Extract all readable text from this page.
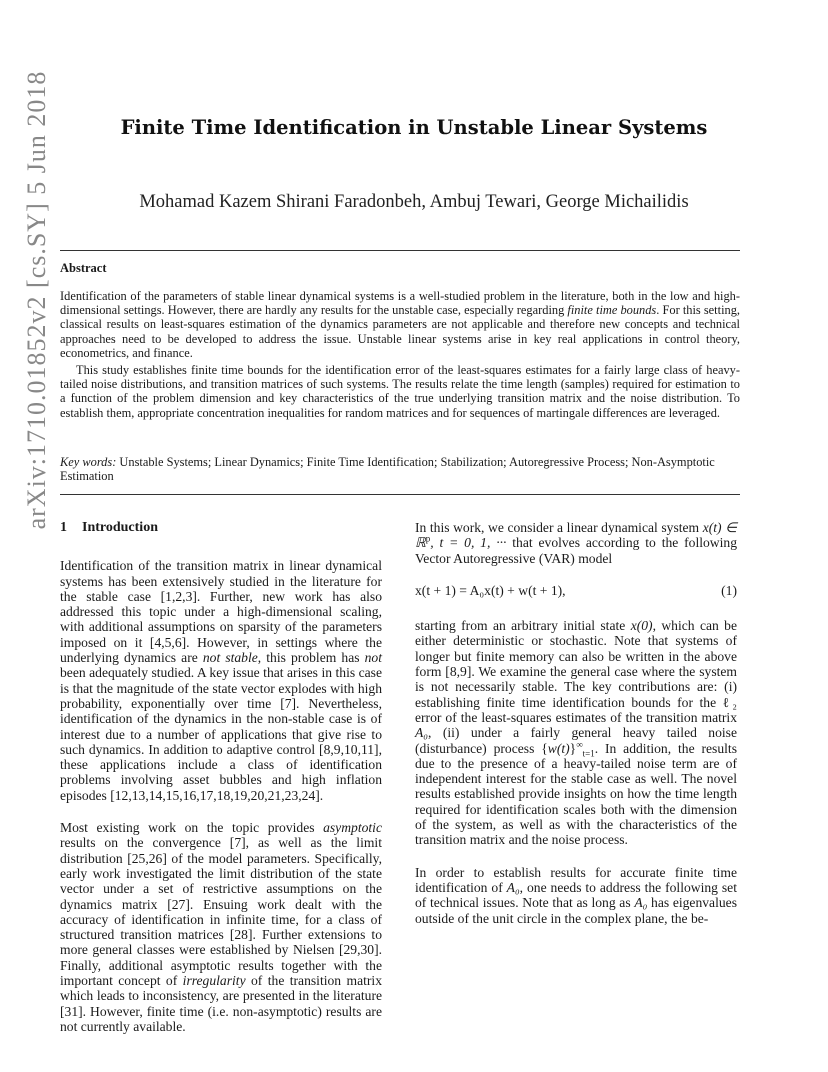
arXiv:1710.01852v2 [cs.SY] 5 Jun 2018	Finite Time Identification in Unstable Linear Systems
Mohamad Kazem Shirani Faradonbeh, Ambuj Tewari, George Michailidis
Abstract

Identification of the parameters of stable linear dynamical systems is a well-studied problem in the literature, both in the low and high-dimensional settings. However, there are hardly any results for the unstable case, especially regarding finite time bounds. For this setting, classical results on least-squares estimation of the dynamics parameters are not applicable and therefore new concepts and technical approaches need to be developed to address the issue. Unstable linear systems arise in key real applications in control theory, econometrics, and finance.

This study establishes finite time bounds for the identification error of the least-squares estimates for a fairly large class of heavy-tailed noise distributions, and transition matrices of such systems. The results relate the time length (samples) required for estimation to a function of the problem dimension and key characteristics of the true underlying transition matrix and the noise distribution. To establish them, appropriate concentration inequalities for random matrices and for sequences of martingale differences are leveraged.

Key words: Unstable Systems; Linear Dynamics; Finite Time Identification; Stabilization; Autoregressive Process; Non-Asymptotic Estimation
1 Introduction

Identification of the transition matrix in linear dynamical systems has been extensively studied in the literature for the stable case [1,2,3]. Further, new work has also addressed this topic under a high-dimensional scaling, with additional assumptions on sparsity of the parameters imposed on it [4,5,6]. However, in settings where the underlying dynamics are not stable, this problem has not been adequately studied. A key issue that arises in this case is that the magnitude of the state vector explodes with high probability, exponentially over time [7]. Nevertheless, identification of the dynamics in the non-stable case is of interest due to a number of applications that give rise to such dynamics. In addition to adaptive control [8,9,10,11], these applications include a class of identification problems involving asset bubbles and high inflation episodes [12,13,14,15,16,17,18,19,20,21,23,24].

Most existing work on the topic provides asymptotic results on the convergence [7], as well as the limit distribution [25,26] of the model parameters. Specifically, early work investigated the limit distribution of the state vector under a set of restrictive assumptions on the dynamics matrix [27]. Ensuing work dealt with the accuracy of identification in infinite time, for a class of structured transition matrices [28]. Further extensions to more general classes were established by Nielsen [29,30]. Finally, additional asymptotic results together with the important concept of irregularity of the transition matrix which leads to inconsistency, are presented in the literature [31]. However, finite time (i.e. non-asymptotic) results are not currently available.

In this work, we consider a linear dynamical system x(t) ∈ ℝ$^p$, t = 0, 1, ··· that evolves according to the following Vector Autoregressive (VAR) model

x(t + 1) = A₀x(t) + w(t + 1),	(1)

starting from an arbitrary initial state x(0), which can be either deterministic or stochastic. Note that systems of longer but finite memory can also be written in the above form [8,9]. We examine the general case where the system is not necessarily stable. The key contributions are: (i) establishing finite time identification bounds for the ℓ₂ error of the least-squares estimates of the transition matrix A₀, (ii) under a fairly general heavy tailed noise (disturbance) process $\{w(t)\}^\infty_{t=1}$. In addition, the results due to the presence of a heavy-tailed noise term are of independent interest for the stable case as well. The novel results established provide insights on how the time length required for identification scales both with the dimension of the system, as well as with the characteristics of the transition matrix and the noise process.

In order to establish results for accurate finite time identification of A₀, one needs to address the following set of technical issues. Note that as long as A₀ has eigenvalues outside of the unit circle in the complex plane, the be-
